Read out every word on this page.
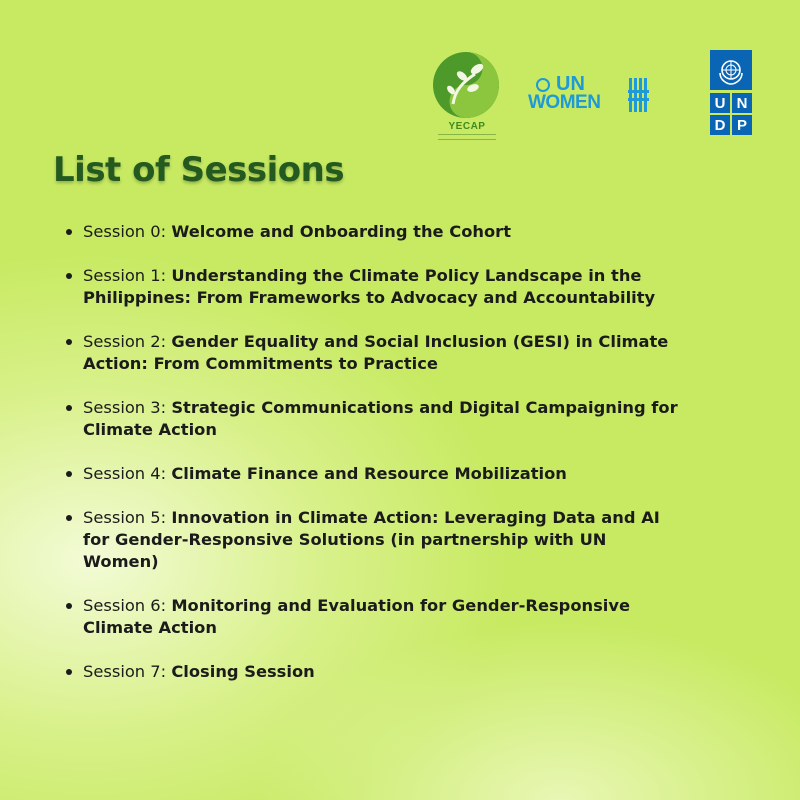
YECAP
UN
WOMEN	U N
D P
List of Sessions
Session 0: Welcome and Onboarding the Cohort
Session 1: Understanding the Climate Policy Landscape in the Philippines: From Frameworks to Advocacy and Accountability
Session 2: Gender Equality and Social Inclusion (GESI) in Climate Action: From Commitments to Practice
Session 3: Strategic Communications and Digital Campaigning for Climate Action
Session 4: Climate Finance and Resource Mobilization
Session 5: Innovation in Climate Action: Leveraging Data and AI for Gender-Responsive Solutions (in partnership with UN Women)
Session 6: Monitoring and Evaluation for Gender-Responsive Climate Action
Session 7: Closing Session
